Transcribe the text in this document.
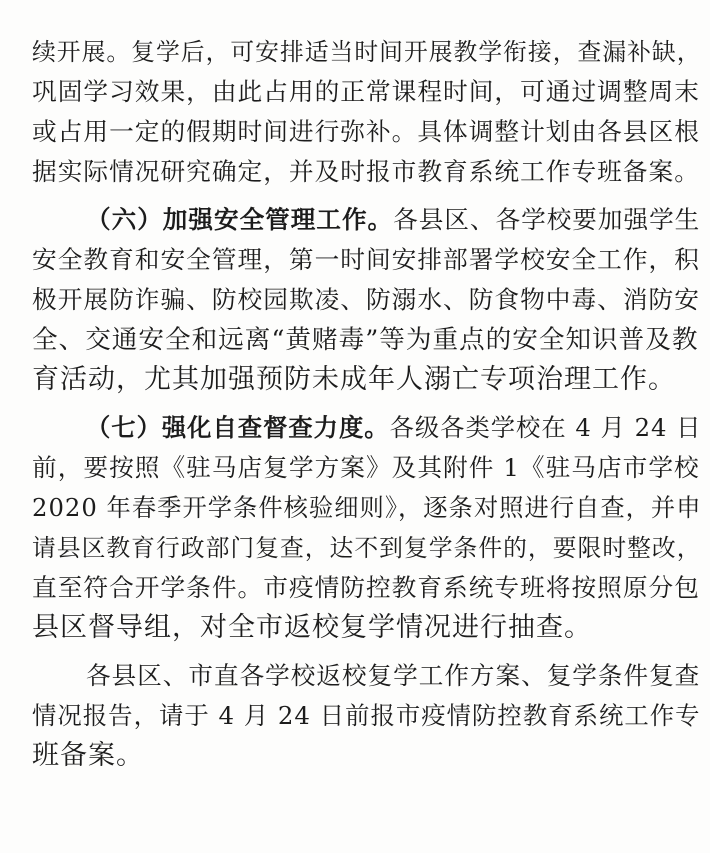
续开展。复学后，可安排适当时间开展教学衔接，查漏补缺，
巩固学习效果，由此占用的正常课程时间，可通过调整周末
或占用一定的假期时间进行弥补。具体调整计划由各县区根
据实际情况研究确定，并及时报市教育系统工作专班备案。
（六）加强安全管理工作。各县区、各学校要加强学生
安全教育和安全管理，第一时间安排部署学校安全工作，积
极开展防诈骗、防校园欺凌、防溺水、防食物中毒、消防安
全、交通安全和远离“黄赌毒”等为重点的安全知识普及教
育活动，尤其加强预防未成年人溺亡专项治理工作。
（七）强化自查督查力度。各级各类学校在 4 月 24 日
前，要按照《驻马店复学方案》及其附件 1《驻马店市学校
2020 年春季开学条件核验细则》，逐条对照进行自查，并申
请县区教育行政部门复查，达不到复学条件的，要限时整改，
直至符合开学条件。市疫情防控教育系统专班将按照原分包
县区督导组，对全市返校复学情况进行抽查。
各县区、市直各学校返校复学工作方案、复学条件复查
情况报告，请于 4 月 24 日前报市疫情防控教育系统工作专
班备案。
